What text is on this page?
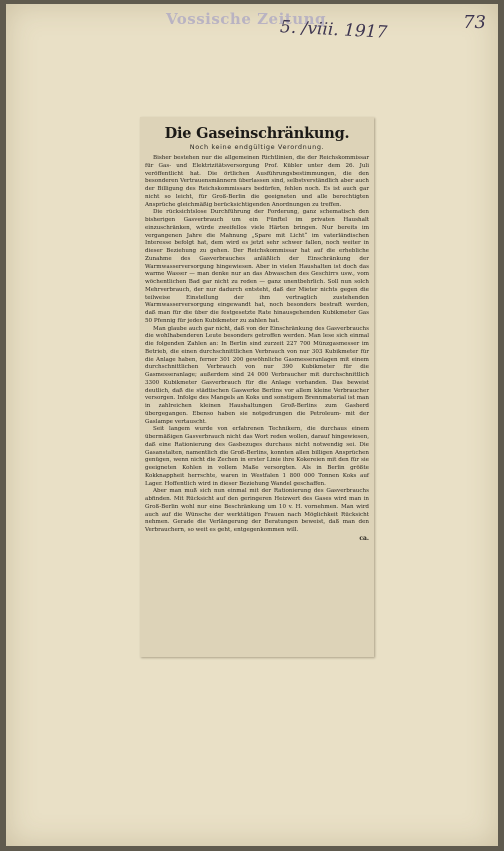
Vossische Zeitung
5. /viii. 1917	73
Die Gaseinschränkung.
Noch keine endgültige Verordnung.

Bisher bestehen nur die allgemeinen Richtlinien, die der Reichskommissar für Gas- und Elektrizitätsversorgung Prof. Kübler unter dem 26. Juli veröffentlicht hat. Die örtlichen Ausführungsbestimmungen, die den besonderen Vertrauensmännern überlassen sind, selbstverständlich aber auch der Billigung des Reichskommissars bedürfen, fehlen noch. Es ist auch gar nicht so leicht, für Groß-Berlin die geeigneten und alle berechtigten Ansprüche gleichmäßig berücksichtigenden Anordnungen zu treffen.

Die rücksichtslose Durchführung der Forderung, ganz schematisch den bisherigen Gasverbrauch um ein Fünftel im privaten Haushalt einzuschränken, würde zweifellos viele Härten bringen. Nur bereits im vergangenen Jahre die Mahnung „Spare mit Licht“ im vaterländischen Interesse befolgt hat, dem wird es jetzt sehr schwer fallen, noch weiter in dieser Beziehung zu gehen. Der Reichskommissar hat auf die erhebliche Zunahme des Gasverbrauches anläßlich der Einschränkung der Warmwasserversorgung hingewiesen. Aber in vielen Haushalten ist doch das warme Wasser — man denke nur an das Abwaschen des Geschirrs usw., vom wöchentlichen Bad gar nicht zu reden — ganz unentbehrlich. Soll nun solch Mehrverbrauch, der nur dadurch entsteht, daß der Mieter nichts gegen die teilweise Einstellung der ihm vertraglich zustehenden Warmwasserversorgung eingewandt hat, noch besonders bestraft werden, daß man für die über die festgesetzte Rate hinausgehenden Kubikmeter Gas 50 Pfennig für jeden Kubikmeter zu zahlen hat.

Man glaube auch gar nicht, daß von der Einschränkung des Gasverbrauchs die wohlhabenderen Leute besonders getroffen werden. Man lese sich einmal die folgenden Zahlen an: In Berlin sind zurzeit 227 700 Münzgasmesser im Betrieb, die einen durchschnittlichen Verbrauch von nur 303 Kubikmeter für die Anlage haben, ferner 301 200 gewöhnliche Gasmesseranlagen mit einem durchschnittlichen Verbrauch von nur 390 Kubikmeter für die Gasmesseranlage; außerdem sind 24 000 Verbraucher mit durchschnittlich 3300 Kubikmeter Gasverbrauch für die Anlage vorhanden. Das beweist deutlich, daß die städtischen Gaswerke Berlins vor allem kleine Verbraucher versorgen. Infolge des Mangels an Koks und sonstigem Brennmaterial ist man in zahlreichen kleinen Haushaltungen Groß-Berlins zum Gasherd übergegangen. Ebenso haben sie notgedrungen die Petroleum- mit der Gaslampe vertauscht.

Seit langem wurde von erfahrenen Technikern, die durchaus einem übermäßigen Gasverbrauch nicht das Wort reden wollen, darauf hingewiesen, daß eine Rationierung des Gasbezuges durchaus nicht notwendig sei. Die Gasanstalten, namentlich die Groß-Berlins, konnten allen billigen Ansprüchen genügen, wenn nicht die Zechen in erster Linie ihre Kokereien mit den für sie geeigneten Kohlen in vollem Maße versorgten. Als in Berlin größte Kokknappheit herrschte, waren in Westfalen 1 800 000 Tonnen Koks auf Lager. Hoffentlich wird in dieser Beziehung Wandel geschaffen.

Aber man muß sich nun einmal mit der Rationierung des Gasverbrauchs abfinden. Mit Rücksicht auf den geringeren Heizwert des Gases wird man in Groß-Berlin wohl nur eine Beschränkung um 10 v. H. vornehmen. Man wird auch auf die Wünsche der werktätigen Frauen nach Möglichkeit Rücksicht nehmen. Gerade die Verlängerung der Beratungen beweist, daß man den Verbrauchern, so weit es geht, entgegenkommen will.

ca.
